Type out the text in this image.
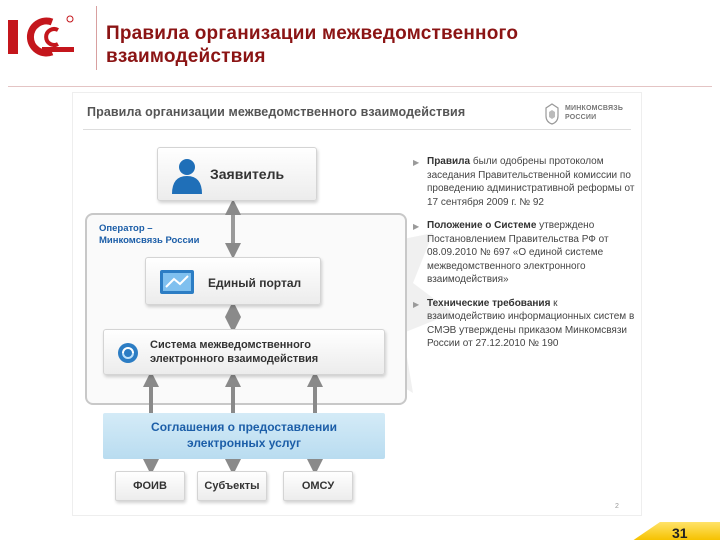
Правила организации межведомственного взаимодействия
Правила организации межведомственного взаимодействия	МИНКОМСВЯЗЬ
РОССИИ
Оператор –
Минкомсвязь России
Заявитель
Единый портал
Система межведомственного
электронного взаимодействия
Соглашения о предоставлении
электронных услуг
ФОИВ	Субъекты	ОМСУ
▶ Правила были одобрены протоколом заседания Правительственной комиссии по проведению административной реформы от 17 сентября 2009 г. № 92
▶ Положение о Системе утверждено Постановлением Правительства РФ от 08.09.2010 № 697 «О единой системе межведомственного электронного взаимодействия»
▶ Технические требования к взаимодействию информационных систем в СМЭВ утверждены приказом Минкомсвязи России от 27.12.2010 № 190
2
31
